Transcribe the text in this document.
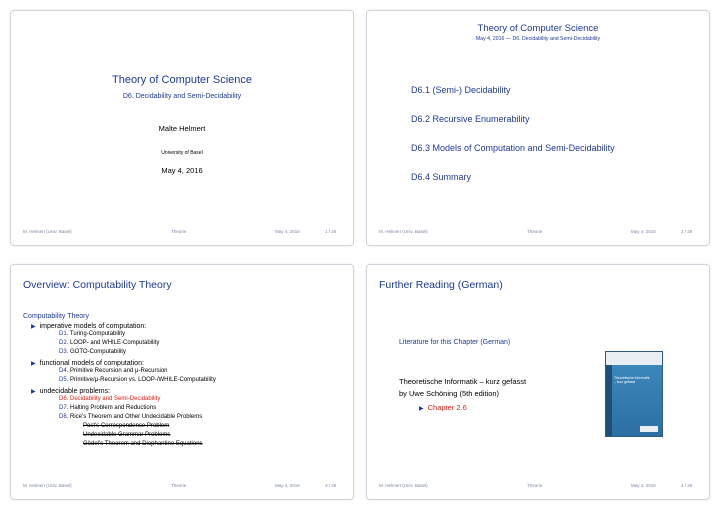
Theory of Computer Science
D6. Decidability and Semi-Decidability
Malte Helmert
University of Basel
May 4, 2016
M. Helmert (Univ. Basel)	Theorie	May 4, 2016	1 / 26
Theory of Computer Science
May 4, 2016 — D6. Decidability and Semi-Decidability
D6.1 (Semi-) Decidability
D6.2 Recursive Enumerability
D6.3 Models of Computation and Semi-Decidability
D6.4 Summary
M. Helmert (Univ. Basel)	Theorie	May 4, 2016	2 / 26
Overview: Computability Theory
Computability Theory
▶ imperative models of computation:
D1. Turing-Computability
D2. LOOP- and WHILE-Computability
D3. GOTO-Computability
▶ functional models of computation:
D4. Primitive Recursion and μ-Recursion
D5. Primitive/μ-Recursion vs. LOOP-/WHILE-Computability
▶ undecidable problems:
D6. Decidability and Semi-Decidability
D7. Halting Problem and Reductions
D8. Rice’s Theorem and Other Undecidable Problems
Post’s Correspondence Problem
Undecidable Grammar Problems
Gödel’s Theorem and Diophantine Equations
M. Helmert (Univ. Basel)	Theorie	May 4, 2016	3 / 26
Further Reading (German)
Literature for this Chapter (German)
Theoretische Informatik – kurz gefasst
by Uwe Schöning (5th edition)
▶ Chapter 2.6
Theoretische Informatik
– kurz gefasst
M. Helmert (Univ. Basel)	Theorie	May 4, 2016	4 / 26
